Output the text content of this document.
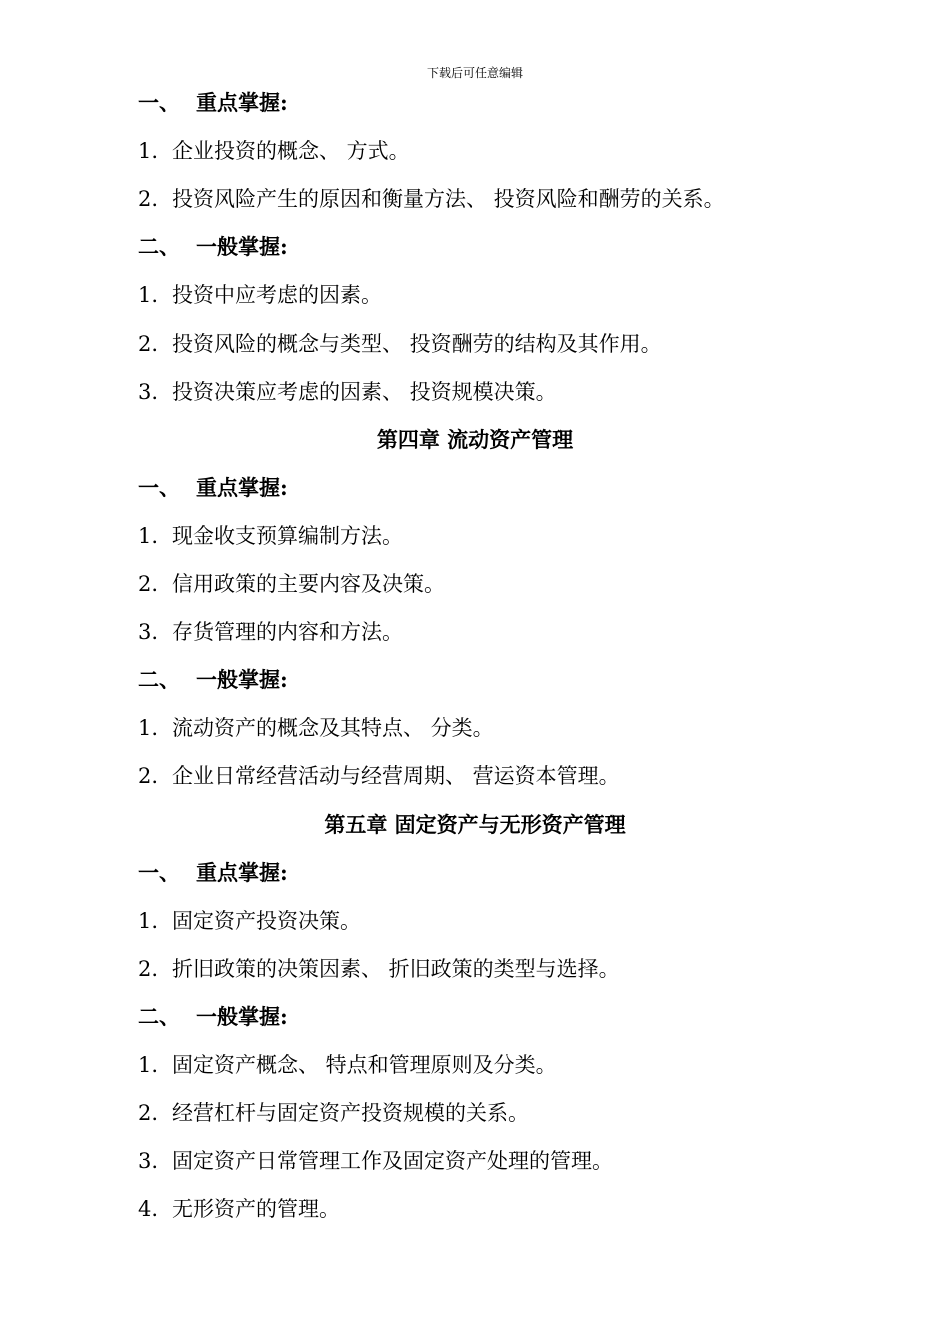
下载后可任意编辑
一、 重点掌握:
1. 企业投资的概念、 方式。
2. 投资风险产生的原因和衡量方法、 投资风险和酬劳的关系。
二、 一般掌握:
1. 投资中应考虑的因素。
2. 投资风险的概念与类型、 投资酬劳的结构及其作用。
3. 投资决策应考虑的因素、 投资规模决策。
第四章 流动资产管理
一、 重点掌握:
1. 现金收支预算编制方法。
2. 信用政策的主要内容及决策。
3. 存货管理的内容和方法。
二、 一般掌握:
1. 流动资产的概念及其特点、 分类。
2. 企业日常经营活动与经营周期、 营运资本管理。
第五章 固定资产与无形资产管理
一、 重点掌握:
1. 固定资产投资决策。
2. 折旧政策的决策因素、 折旧政策的类型与选择。
二、 一般掌握:
1. 固定资产概念、 特点和管理原则及分类。
2. 经营杠杆与固定资产投资规模的关系。
3. 固定资产日常管理工作及固定资产处理的管理。
4. 无形资产的管理。
